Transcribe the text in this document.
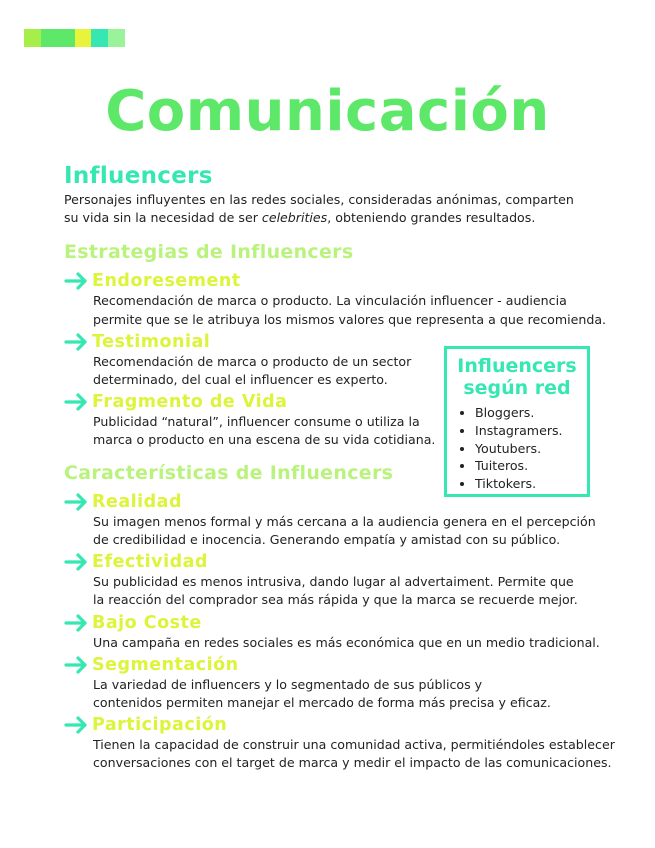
Comunicación
Influencers
Personajes influyentes en las redes sociales, consideradas anónimas, comparten
su vida sin la necesidad de ser celebrities, obteniendo grandes resultados.
Estrategias de Influencers
Endoresement
Recomendación de marca o producto. La vinculación influencer - audiencia
permite que se le atribuya los mismos valores que representa a que recomienda.
Testimonial
Recomendación de marca o producto de un sector
determinado, del cual el influencer es experto.
Fragmento de Vida
Publicidad “natural”, influencer consume o utiliza la
marca o producto en una escena de su vida cotidiana.
Influencers
según red
• Bloggers.
• Instagramers.
• Youtubers.
• Tuiteros.
• Tiktokers.
Características de Influencers
Realidad
Su imagen menos formal y más cercana a la audiencia genera en el percepción
de credibilidad e inocencia. Generando empatía y amistad con su público.
Efectividad
Su publicidad es menos intrusiva, dando lugar al advertaiment. Permite que
la reacción del comprador sea más rápida y que la marca se recuerde mejor.
Bajo Coste
Una campaña en redes sociales es más económica que en un medio tradicional.
Segmentación
La variedad de influencers y lo segmentado de sus públicos y
contenidos permiten manejar el mercado de forma más precisa y eficaz.
Participación
Tienen la capacidad de construir una comunidad activa, permitiéndoles establecer
conversaciones con el target de marca y medir el impacto de las comunicaciones.
